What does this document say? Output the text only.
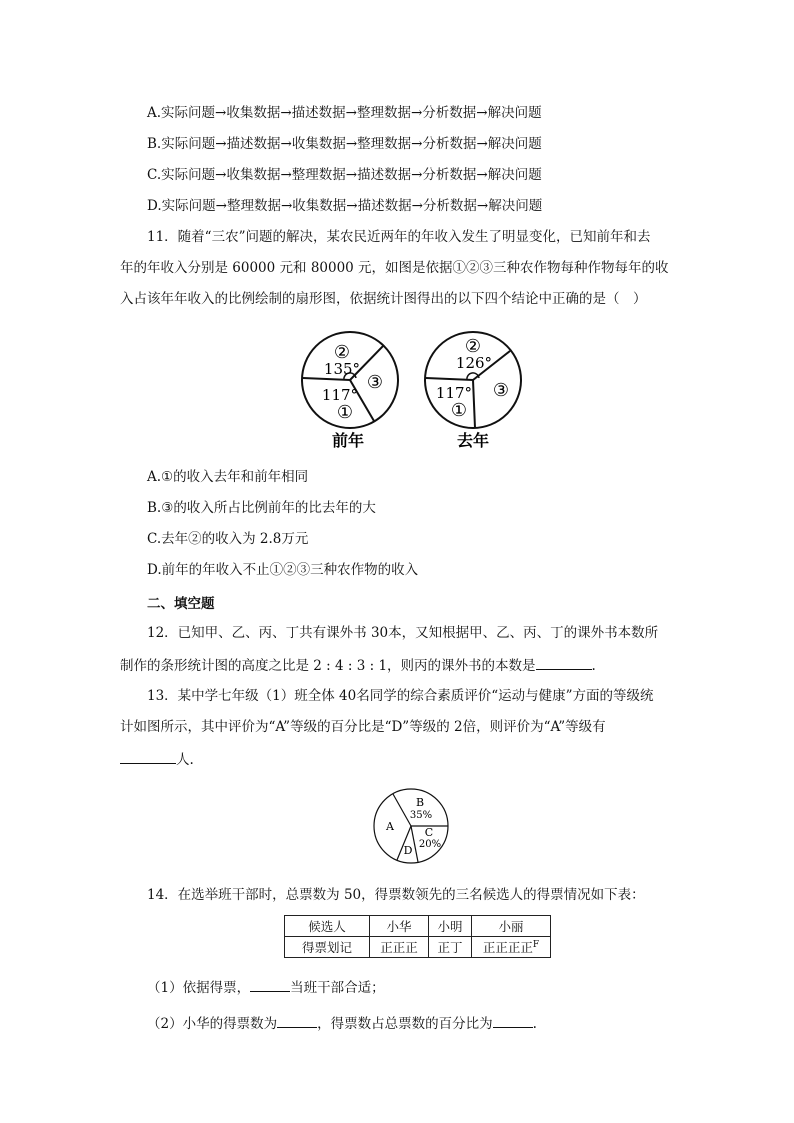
A.实际问题→收集数据→描述数据→整理数据→分析数据→解决问题
B.实际问题→描述数据→收集数据→整理数据→分析数据→解决问题
C.实际问题→收集数据→整理数据→描述数据→分析数据→解决问题
D.实际问题→整理数据→收集数据→描述数据→分析数据→解决问题
11．随着“三农”问题的解决，某农民近两年的年收入发生了明显变化，已知前年和去
年的年收入分别是 60000 元和 80000 元，如图是依据①②③三种农作物每种作物每年的收
入占该年年收入的比例绘制的扇形图，依据统计图得出的以下四个结论中正确的是（　）
②
135°
117°
①
③
前年
②
126°
117°
①
③
去年
A.①的收入去年和前年相同
B.③的收入所占比例前年的比去年的大
C.去年②的收入为 2.8万元
D.前年的年收入不止①②③三种农作物的收入
二、填空题
12．已知甲、乙、丙、丁共有课外书 30本，又知根据甲、乙、丙、丁的课外书本数所
制作的条形统计图的高度之比是 2 : 4 : 3 : 1，则丙的课外书的本数是	.
13．某中学七年级（1）班全体 40名同学的综合素质评价“运动与健康”方面的等级统
计如图所示，其中评价为“A”等级的百分比是“D”等级的 2倍，则评价为“A”等级有
人.
A
B
35%
C
20%
D
14．在选举班干部时，总票数为 50，得票数领先的三名候选人的得票情况如下表：
候选人	小华	小明	小丽
得票划记	正正正	正丁	正正正正$^F$
（1）依据得票，	当班干部合适；
（2）小华的得票数为	，得票数占总票数的百分比为	.
